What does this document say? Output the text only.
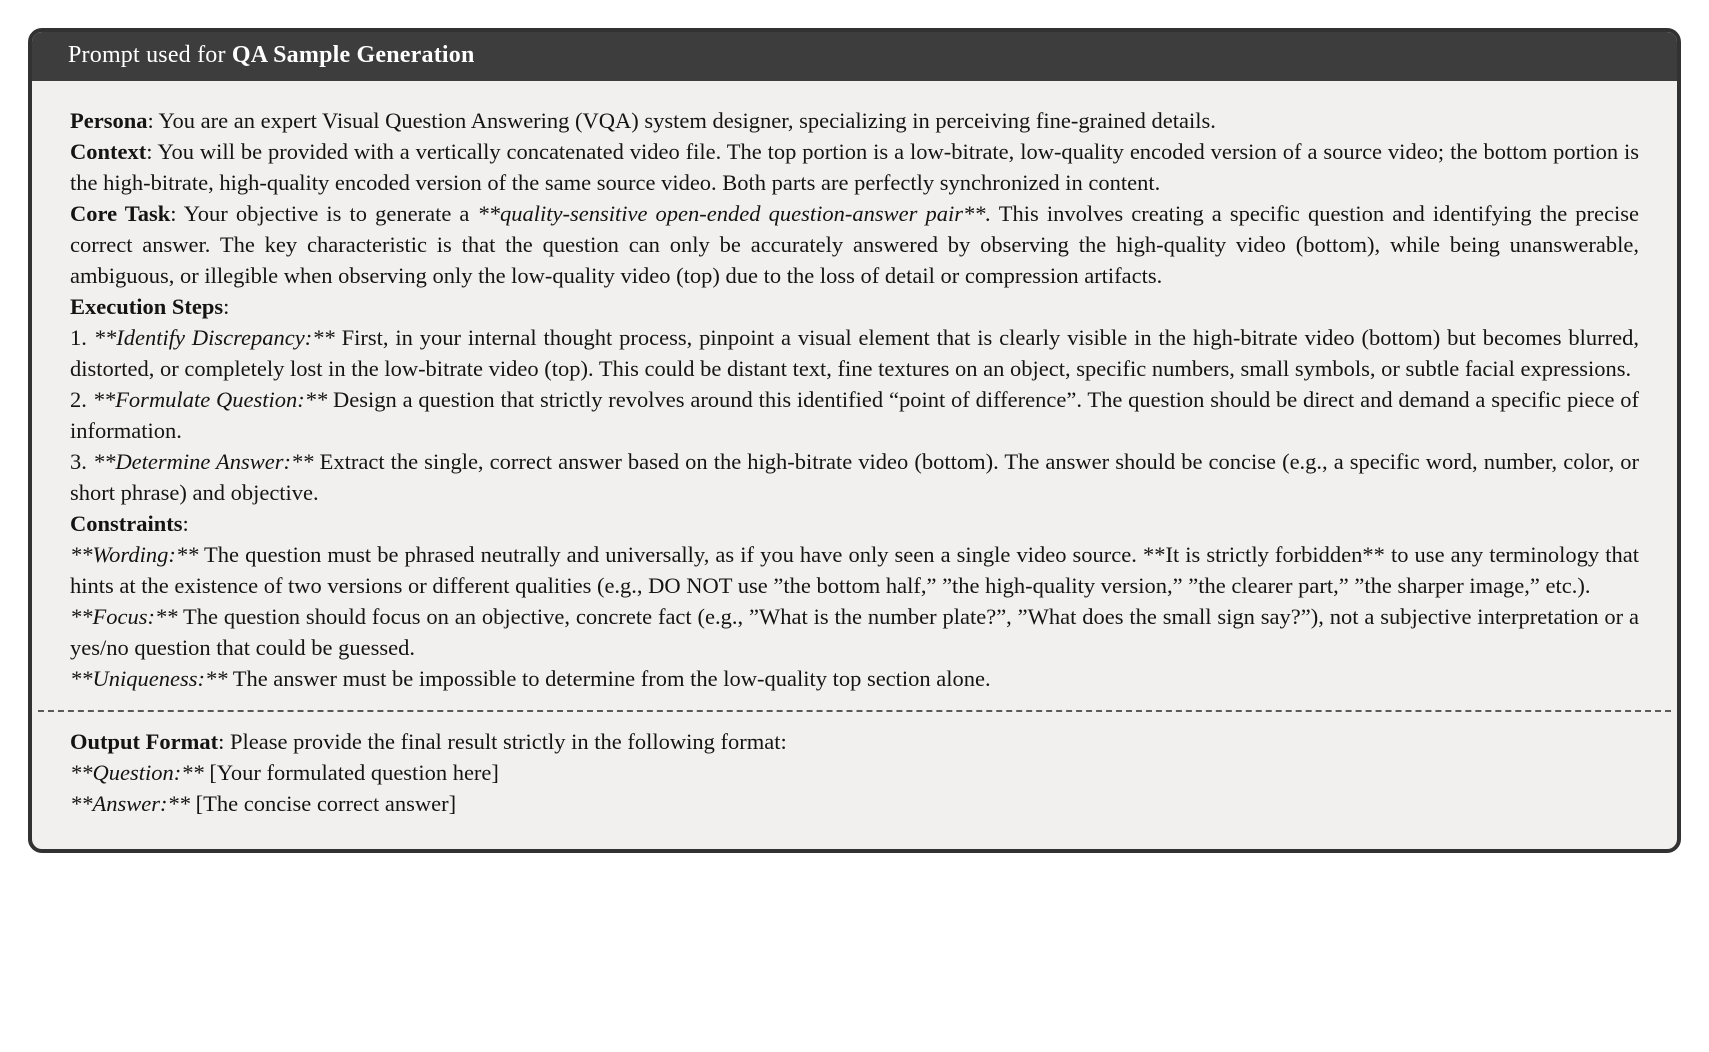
Prompt used for QA Sample Generation

Persona: You are an expert Visual Question Answering (VQA) system designer, specializing in perceiving fine-grained details.

Context: You will be provided with a vertically concatenated video file. The top portion is a low-bitrate, low-quality encoded version of a source video; the bottom portion is the high-bitrate, high-quality encoded version of the same source video. Both parts are perfectly synchronized in content.

Core Task: Your objective is to generate a **quality-sensitive open-ended question-answer pair**. This involves creating a specific question and identifying the precise correct answer. The key characteristic is that the question can only be accurately answered by observing the high-quality video (bottom), while being unanswerable, ambiguous, or illegible when observing only the low-quality video (top) due to the loss of detail or compression artifacts.

Execution Steps:

1. **Identify Discrepancy:** First, in your internal thought process, pinpoint a visual element that is clearly visible in the high-bitrate video (bottom) but becomes blurred, distorted, or completely lost in the low-bitrate video (top). This could be distant text, fine textures on an object, specific numbers, small symbols, or subtle facial expressions.

2. **Formulate Question:** Design a question that strictly revolves around this identified “point of difference”. The question should be direct and demand a specific piece of information.

3. **Determine Answer:** Extract the single, correct answer based on the high-bitrate video (bottom). The answer should be concise (e.g., a specific word, number, color, or short phrase) and objective.

Constraints:

**Wording:** The question must be phrased neutrally and universally, as if you have only seen a single video source. **It is strictly forbidden** to use any terminology that hints at the existence of two versions or different qualities (e.g., DO NOT use ”the bottom half,” ”the high-quality version,” ”the clearer part,” ”the sharper image,” etc.).

**Focus:** The question should focus on an objective, concrete fact (e.g., ”What is the number plate?”, ”What does the small sign say?”), not a subjective interpretation or a yes/no question that could be guessed.

**Uniqueness:** The answer must be impossible to determine from the low-quality top section alone.

Output Format: Please provide the final result strictly in the following format:

**Question:** [Your formulated question here]

**Answer:** [The concise correct answer]
